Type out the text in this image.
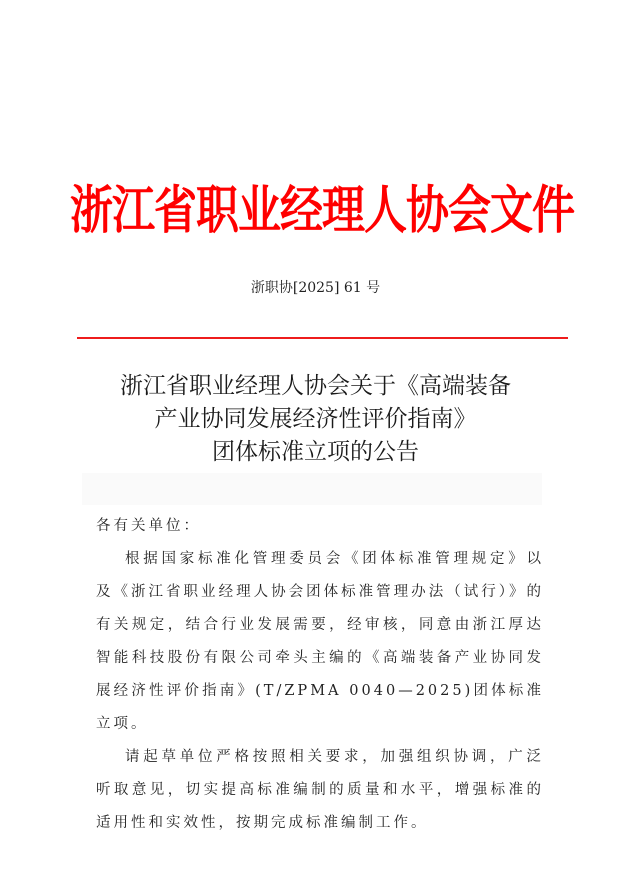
浙江省职业经理人协会文件
浙职协[2025] 61 号
浙江省职业经理人协会关于《高端装备
产业协同发展经济性评价指南》
团体标准立项的公告

各有关单位：

根据国家标准化管理委员会《团体标准管理规定》以及《浙江省职业经理人协会团体标准管理办法（试行）》的有关规定，结合行业发展需要，经审核，同意由浙江厚达智能科技股份有限公司牵头主编的《高端装备产业协同发展经济性评价指南》(T/ZPMA 0040—2025)团体标准立项。

请起草单位严格按照相关要求，加强组织协调，广泛听取意见，切实提高标准编制的质量和水平，增强标准的适用性和实效性，按期完成标准编制工作。
